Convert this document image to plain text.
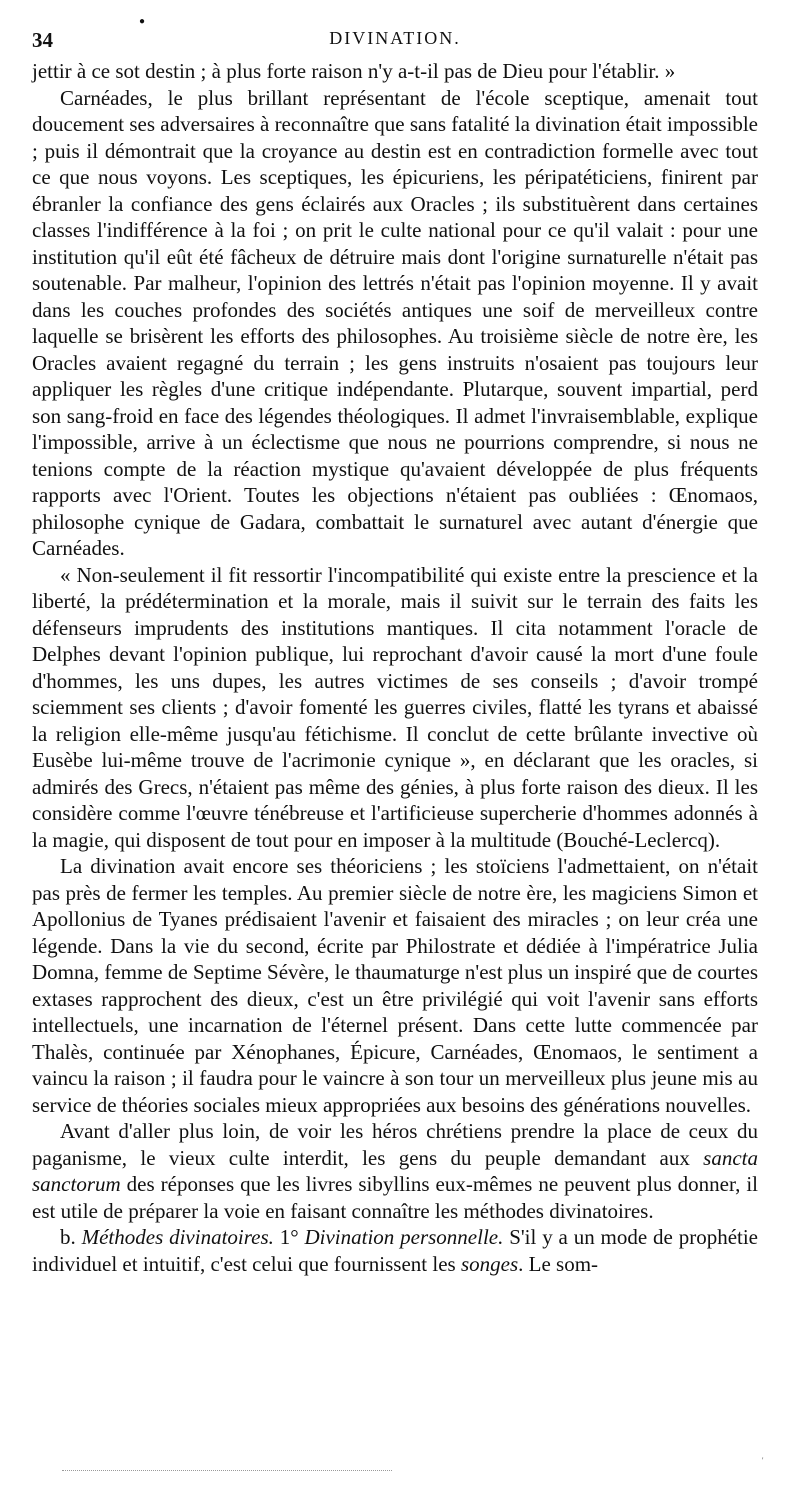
●
34	DIVINATION.

jettir à ce sot destin ; à plus forte raison n'y a-t-il pas de Dieu pour l'établir. »

Carnéades, le plus brillant représentant de l'école sceptique, amenait tout doucement ses adversaires à reconnaître que sans fatalité la divination était impossible ; puis il démontrait que la croyance au destin est en contradiction formelle avec tout ce que nous voyons. Les sceptiques, les épicuriens, les péripatéticiens, finirent par ébranler la confiance des gens éclairés aux Oracles ; ils substituèrent dans certaines classes l'indifférence à la foi ; on prit le culte national pour ce qu'il valait : pour une institution qu'il eût été fâcheux de détruire mais dont l'origine surnaturelle n'était pas soutenable. Par malheur, l'opinion des lettrés n'était pas l'opinion moyenne. Il y avait dans les couches profondes des sociétés antiques une soif de merveilleux contre laquelle se brisèrent les efforts des philosophes. Au troisième siècle de notre ère, les Oracles avaient regagné du terrain ; les gens instruits n'osaient pas toujours leur appliquer les règles d'une critique indépendante. Plutarque, souvent impartial, perd son sang-froid en face des légendes théologiques. Il admet l'invraisemblable, explique l'impossible, arrive à un éclectisme que nous ne pourrions comprendre, si nous ne tenions compte de la réaction mystique qu'avaient développée de plus fréquents rapports avec l'Orient. Toutes les objections n'étaient pas oubliées : Œnomaos, philosophe cynique de Gadara, combattait le surnaturel avec autant d'énergie que Carnéades.

« Non-seulement il fit ressortir l'incompatibilité qui existe entre la prescience et la liberté, la prédétermination et la morale, mais il suivit sur le terrain des faits les défenseurs imprudents des institutions mantiques. Il cita notamment l'oracle de Delphes devant l'opinion publique, lui reprochant d'avoir causé la mort d'une foule d'hommes, les uns dupes, les autres victimes de ses conseils ; d'avoir trompé sciemment ses clients ; d'avoir fomenté les guerres civiles, flatté les tyrans et abaissé la religion elle-même jusqu'au fétichisme. Il conclut de cette brûlante invective où Eusèbe lui-même trouve de l'acrimonie cynique », en déclarant que les oracles, si admirés des Grecs, n'étaient pas même des génies, à plus forte raison des dieux. Il les considère comme l'œuvre ténébreuse et l'artificieuse supercherie d'hommes adonnés à la magie, qui disposent de tout pour en imposer à la multitude (Bouché-Leclercq).

La divination avait encore ses théoriciens ; les stoïciens l'admettaient, on n'était pas près de fermer les temples. Au premier siècle de notre ère, les magiciens Simon et Apollonius de Tyanes prédisaient l'avenir et faisaient des miracles ; on leur créa une légende. Dans la vie du second, écrite par Philostrate et dédiée à l'impératrice Julia Domna, femme de Septime Sévère, le thaumaturge n'est plus un inspiré que de courtes extases rapprochent des dieux, c'est un être privilégié qui voit l'avenir sans efforts intellectuels, une incarnation de l'éternel présent. Dans cette lutte commencée par Thalès, continuée par Xénophanes, Épicure, Carnéades, Œnomaos, le sentiment a vaincu la raison ; il faudra pour le vaincre à son tour un merveilleux plus jeune mis au service de théories sociales mieux appropriées aux besoins des générations nouvelles.

Avant d'aller plus loin, de voir les héros chrétiens prendre la place de ceux du paganisme, le vieux culte interdit, les gens du peuple demandant aux sancta sanctorum des réponses que les livres sibyllins eux-mêmes ne peuvent plus donner, il est utile de préparer la voie en faisant connaître les méthodes divinatoires.

b. Méthodes divinatoires. 1° Divination personnelle. S'il y a un mode de prophétie individuel et intuitif, c'est celui que fournissent les songes. Le som-

'
